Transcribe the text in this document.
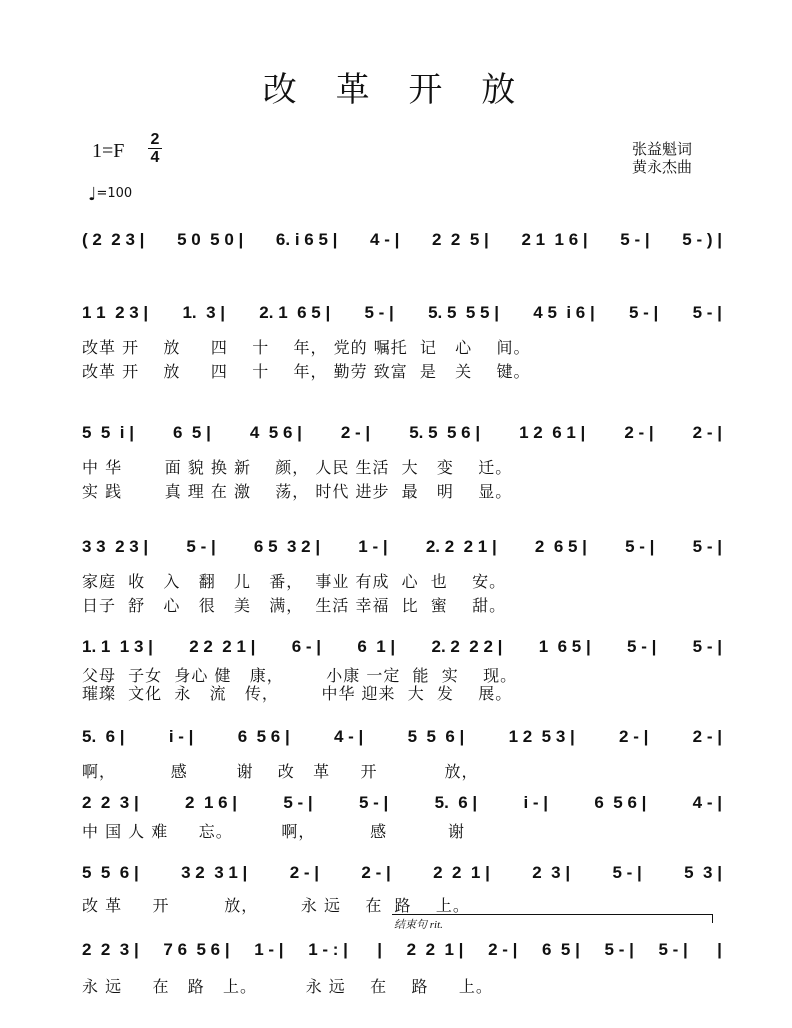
改 革 开 放
1=F
2
4	张益魁词
黄永杰曲
♩=100
( 2  2 3 | 5 0  5 0 | 6. i 6 5 | 4 - | 2  2  5 | 2 1  1 6 | 5 - | 5 - ) |
1 1  2 3 | 1.  3 | 2. 1  6 5 | 5 - | 5. 5  5 5 | 4 5  i 6 | 5 - | 5 - |
改革 开    放     四    十    年， 党的 嘱托  记   心    间。
改革 开    放     四    十    年， 勤劳 致富  是   关    键。
5  5  i | 6  5 | 4  5 6 | 2 - | 5. 5  5 6 | 1 2  6 1 | 2 - | 2 - |
中 华       面 貌 换 新    颜， 人民 生活  大   变    迁。
实 践       真 理 在 激    荡， 时代 进步  最   明    显。
3 3  2 3 | 5 - | 6 5  3 2 | 1 - | 2. 2  2 1 | 2  6 5 | 5 - | 5 - |
家庭  收   入   翻   儿   番，  事业 有成  心  也    安。
日子  舒   心   很   美   满，  生活 幸福  比  蜜    甜。
1. 1  1 3 | 2 2  2 1 | 6 - | 6  1 | 2. 2  2 2 | 1  6 5 | 5 - | 5 - |
父母  子女  身心 健   康，       小康 一定  能  实    现。
璀璨  文化  永   流   传，       中华 迎来  大  发    展。
5.  6 |	i - |	6  5 6 |	4 - |	5  5  6 |	1 2  5 3 |	2 - |	2 - |
啊，         感        谢    改   革     开           放，
2  2  3 |	2  1 6 |	5 - |	5 - |	5.  6 |	i - |	6  5 6 |	4 - |
中 国 人 难     忘。        啊，         感          谢
5  5  6 | 3 2  3 1 | 2 - | 2 - | 2  2  1 | 2  3 | 5 - | 5  3 |
改 革     开         放，       永 远    在  路    上。
结束句 rit.
2  2  3 | 7 6  5 6 | 1 - | 1 - : | | 2  2  1 | 2 - | 6  5 | 5 - | 5 - | |
永 远     在   路   上。        永 远    在    路     上。
